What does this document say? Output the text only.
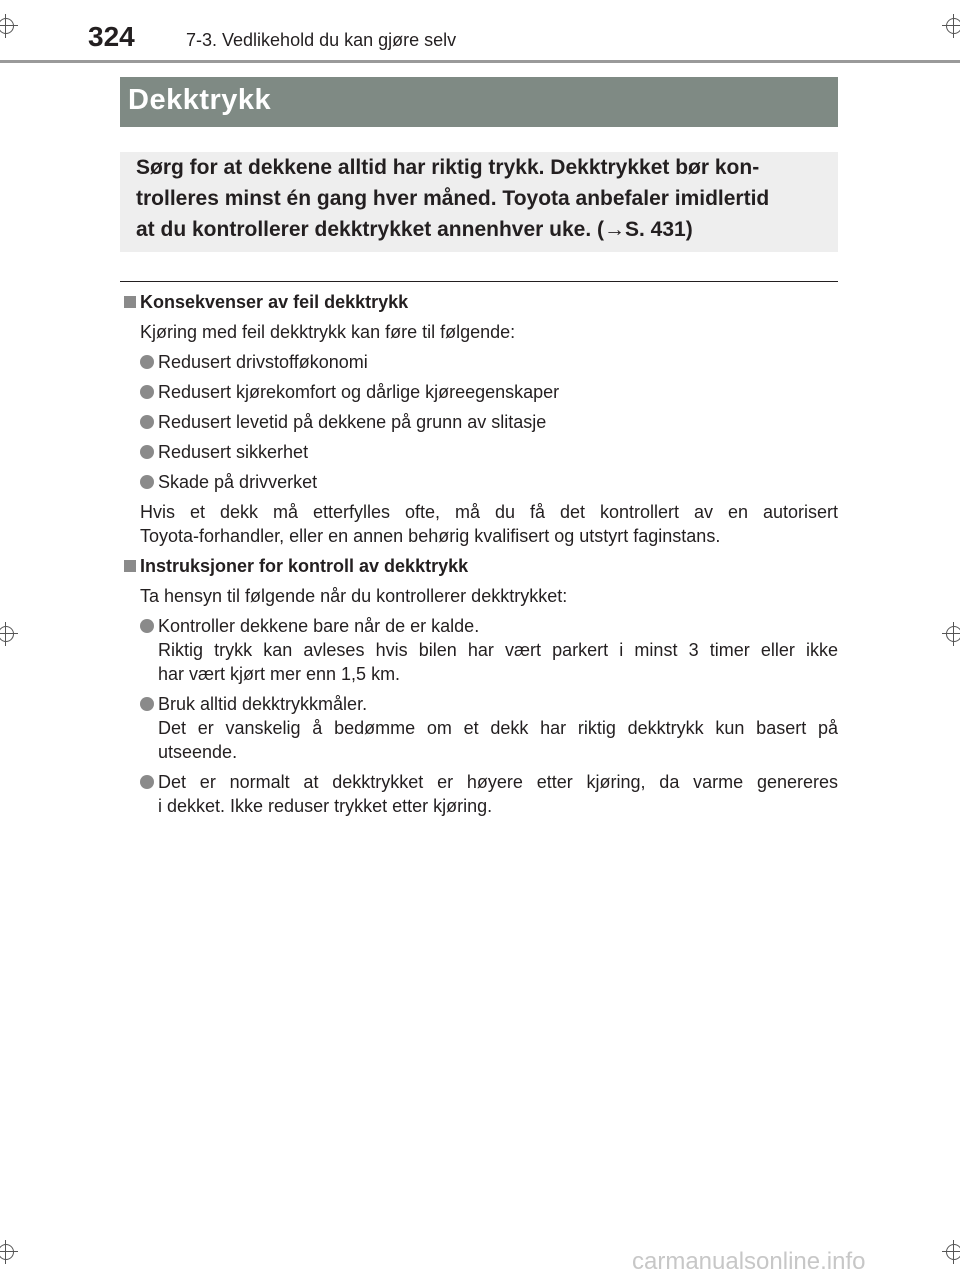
324	7-3. Vedlikehold du kan gjøre selv
Dekktrykk

Sørg for at dekkene alltid har riktig trykk. Dekktrykket bør kon-
trolleres minst én gang hver måned. Toyota anbefaler imidlertid
at du kontrollerer dekktrykket annenhver uke. (→S. 431)

Konsekvenser av feil dekktrykk
Kjøring med feil dekktrykk kan føre til følgende:
Redusert drivstofføkonomi
Redusert kjørekomfort og dårlige kjøreegenskaper
Redusert levetid på dekkene på grunn av slitasje
Redusert sikkerhet
Skade på drivverket
Hvis et dekk må etterfylles ofte, må du få det kontrollert av en autorisert
Toyota-forhandler, eller en annen behørig kvalifisert og utstyrt faginstans.
Instruksjoner for kontroll av dekktrykk
Ta hensyn til følgende når du kontrollerer dekktrykket:
Kontroller dekkene bare når de er kalde.
Riktig trykk kan avleses hvis bilen har vært parkert i minst 3 timer eller ikke
har vært kjørt mer enn 1,5 km.
Bruk alltid dekktrykkmåler.
Det er vanskelig å bedømme om et dekk har riktig dekktrykk kun basert på
utseende.
Det er normalt at dekktrykket er høyere etter kjøring, da varme genereres
i dekket. Ikke reduser trykket etter kjøring.
carmanualsonline.info
